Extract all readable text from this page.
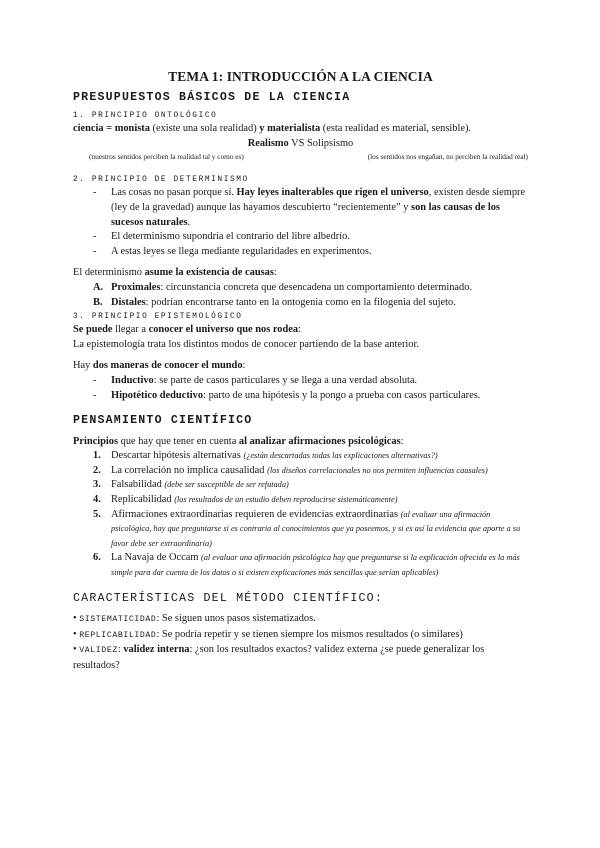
TEMA 1: INTRODUCCIÓN A LA CIENCIA
PRESUPUESTOS BÁSICOS DE LA CIENCIA
1. PRINCIPIO ONTOLÓGICO

ciencia = monista (existe una sola realidad) y materialista (esta realidad es material, sensible).

Realismo VS Solipsismo

(nuestros sentidos perciben la realidad tal y como es)	(los sentidos nos engañan, no perciben la realidad real)
2. PRINCIPIO DE DETERMINISMO
- Las cosas no pasan porque sí. Hay leyes inalterables que rigen el universo, existen desde siempre (ley de la gravedad) aunque las hayamos descubierto “recientemente” y son las causas de los sucesos naturales.
- El determinismo supondría el contrario del libre albedrío.
- A estas leyes se llega mediante regularidades en experimentos.

El determinismo asume la existencia de causas:

A. Proximales: circunstancia concreta que desencadena un comportamiento determinado.
B. Distales: podrían encontrarse tanto en la ontogenia como en la filogenia del sujeto.
3. PRINCIPIO EPISTEMOLÓGICO

Se puede llegar a conocer el universo que nos rodea:

La epistemología trata los distintos modos de conocer partiendo de la base anterior.

Hay dos maneras de conocer el mundo:

- Inductivo: se parte de casos particulares y se llega a una verdad absoluta.
- Hipotético deductivo: parto de una hipótesis y la pongo a prueba con casos particulares.
PENSAMIENTO CIENTÍFICO

Principios que hay que tener en cuenta al analizar afirmaciones psicológicas:

1. Descartar hipótesis alternativas (¿están descartadas todas las explicaciones alternativas?)
2. La correlación no implica causalidad (los diseños correlacionales no nos permiten influencias causales)
3. Falsabilidad (debe ser susceptible de ser refutada)
4. Replicabilidad (los resultados de un estudio deben reproducirse sistemáticamente)
5. Afirmaciones extraordinarias requieren de evidencias extraordinarias (al evaluar una afirmación psicológica, hay que preguntarse si es contraria al conocimientos que ya poseemos, y si es así la evidencia que aporte a su favor debe ser extraordinaria)
6. La Navaja de Occam (al evaluar una afirmación psicológica hay que preguntarse si la explicación ofrecida es la más simple para dar cuenta de los datos o si existen explicaciones más sencillas que serían aplicables)
CARACTERÍSTICAS DEL MÉTODO CIENTÍFICO:

• SISTEMATICIDAD: Se siguen unos pasos sistematizados.

• REPLICABILIDAD: Se podría repetir y se tienen siempre los mismos resultados (o similares)

• VALIDEZ: validez interna: ¿son los resultados exactos? validez externa ¿se puede generalizar los resultados?
